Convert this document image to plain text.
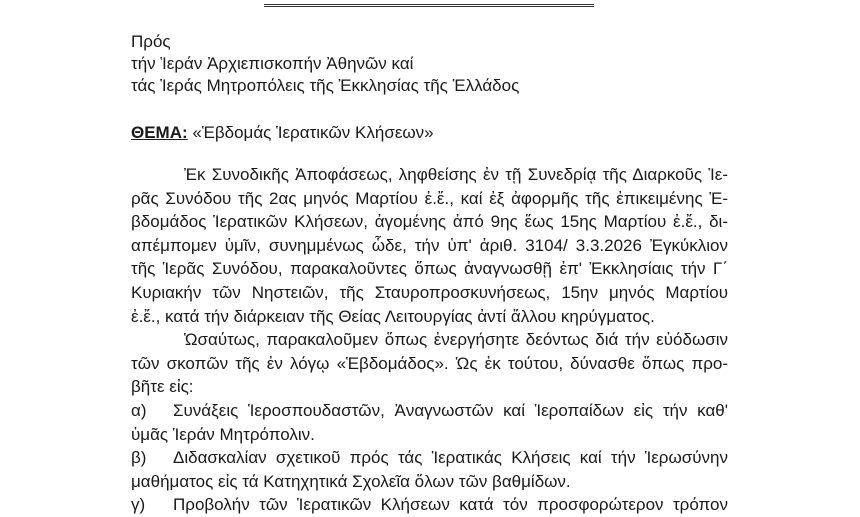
Πρός
τήν Ἱεράν Ἀρχιεπισκοπήν Ἀθηνῶν καί
τάς Ἱεράς Μητροπόλεις τῆς Ἐκκλησίας τῆς Ἑλλάδος
ΘΕΜΑ: «Ἑβδομάς Ἱερατικῶν Κλήσεων»

Ἐκ Συνοδικῆς Ἀποφάσεως, ληφθείσης ἐν τῇ Συνεδρίᾳ τῆς Διαρκοῦς Ἱε-
ρᾶς Συνόδου τῆς 2ας μηνός Μαρτίου ἐ.ἔ., καί ἐξ ἀφορμῆς τῆς ἐπικειμένης Ἑ-
βδομάδος Ἱερατικῶν Κλήσεων, ἀγομένης ἀπό 9ης ἕως 15ης Μαρτίου ἐ.ἔ., δι-
απέμπομεν ὑμῖν, συνημμένως ὧδε, τήν ὑπ' ἀριθ. 3104/ 3.3.2026 Ἐγκύκλιον
τῆς Ἱερᾶς Συνόδου, παρακαλοῦντες ὅπως ἀναγνωσθῇ ἐπ' Ἐκκλησίαις τήν Γ΄
Κυριακήν τῶν Νηστειῶν, τῆς Σταυροπροσκυνήσεως, 15ην μηνός Μαρτίου
ἐ.ἔ., κατά τήν διάρκειαν τῆς Θείας Λειτουργίας ἀντί ἄλλου κηρύγματος.

Ὡσαύτως, παρακαλοῦμεν ὅπως ἐνεργήσητε δεόντως διά τήν εὐόδωσιν
τῶν σκοπῶν τῆς ἐν λόγῳ «Ἑβδομάδος». Ὡς ἐκ τούτου, δύνασθε ὅπως προ-
βῆτε εἰς:

α)	Συνάξεις Ἱεροσπουδαστῶν, Ἀναγνωστῶν καί Ἱεροπαίδων εἰς τήν καθ'
ὑμᾶς Ἱεράν Μητρόπολιν.
β)	Διδασκαλίαν σχετικοῦ πρός τάς Ἱερατικάς Κλήσεις καί τήν Ἱερωσύνην
μαθήματος εἰς τά Κατηχητικά Σχολεῖα ὅλων τῶν βαθμίδων.
γ)	Προβολήν τῶν Ἱερατικῶν Κλήσεων κατά τόν προσφορώτερον τρόπον
